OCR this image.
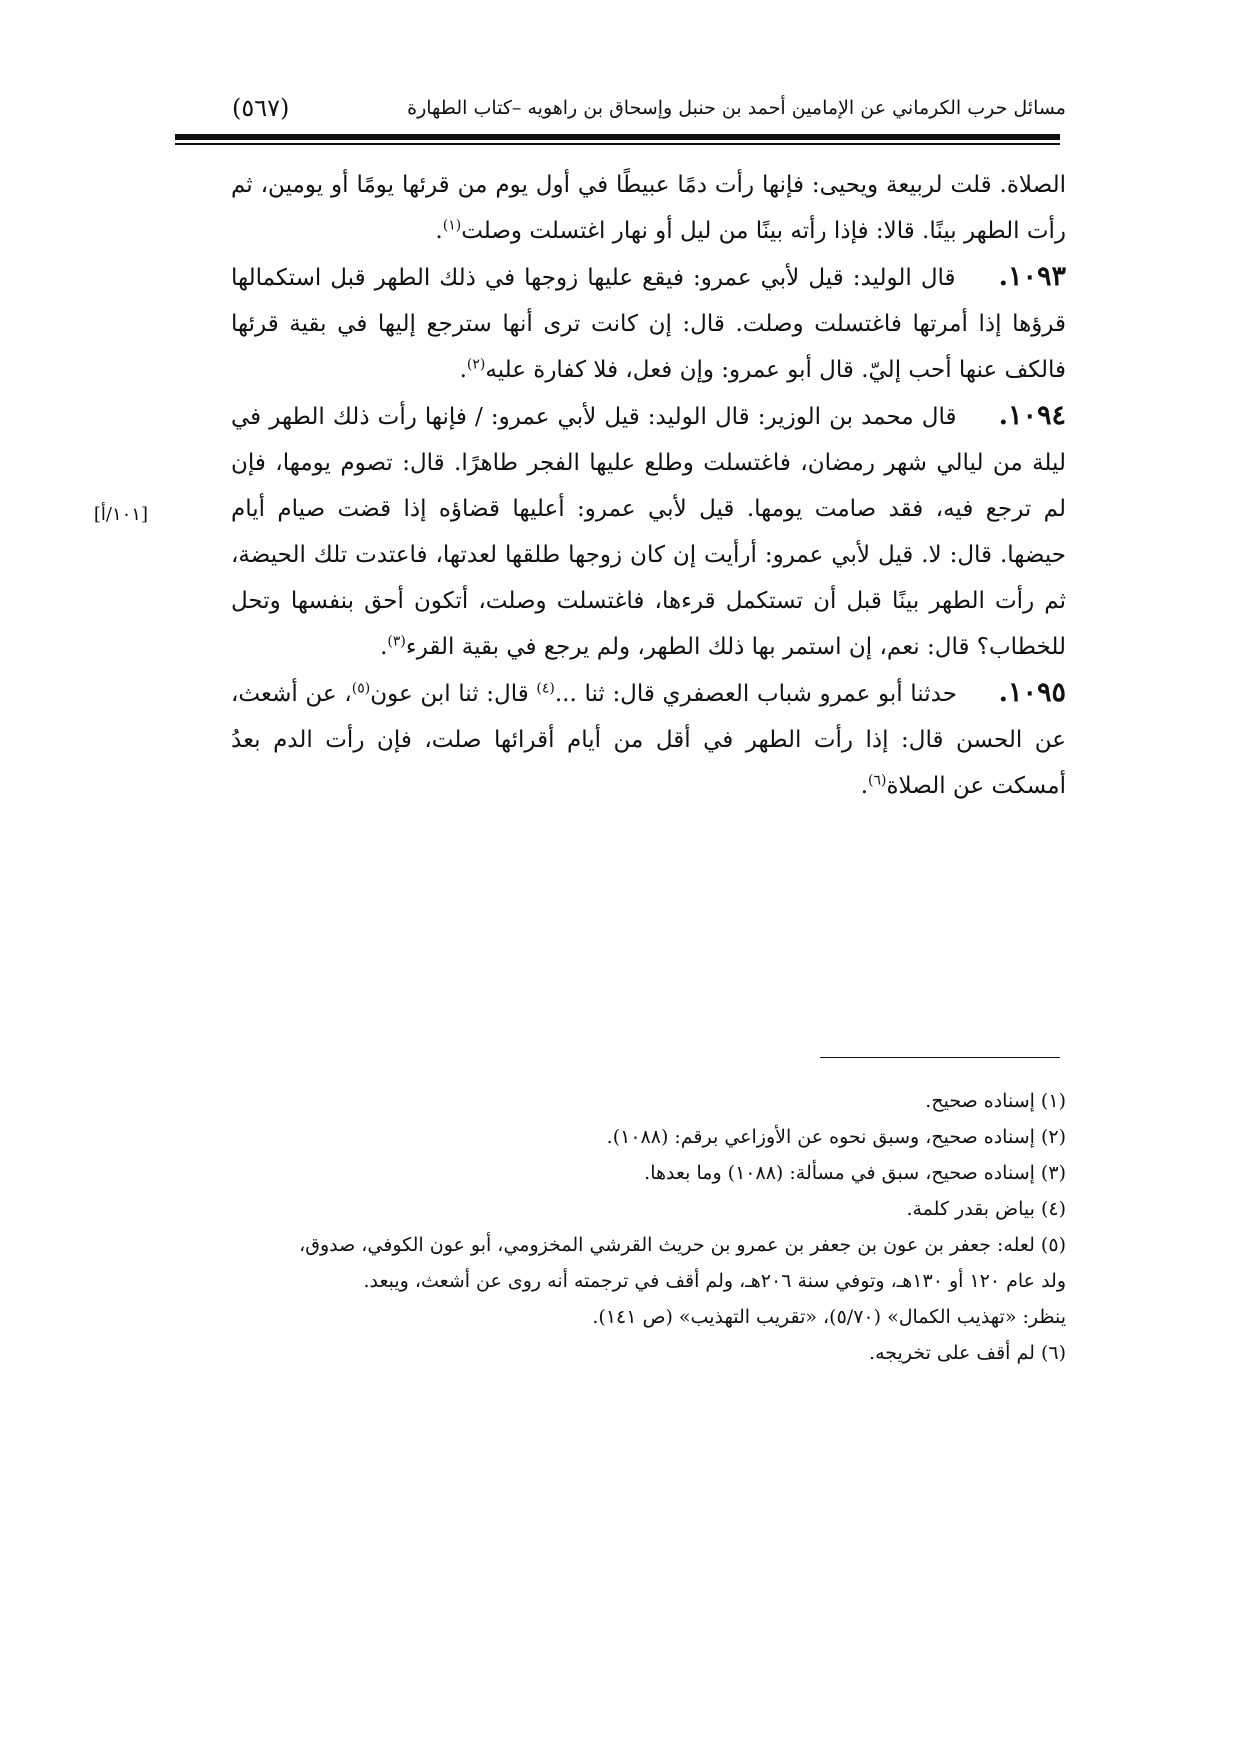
مسائل حرب الكرماني عن الإمامين أحمد بن حنبل وإسحاق بن راهويه –كتاب الطهارة
(٥٦٧)

الصلاة. قلت لربيعة ويحيى: فإنها رأت دمًا عبيطًا في أول يوم من قرئها يومًا أو يومين، ثم رأت الطهر بينًا. قالا: فإذا رأته بينًا من ليل أو نهار اغتسلت وصلت$^{(١)}$.

١٠٩٣. قال الوليد: قيل لأبي عمرو: فيقع عليها زوجها في ذلك الطهر قبل استكمالها قرؤها إذا أمرتها فاغتسلت وصلت. قال: إن كانت ترى أنها سترجع إليها في بقية قرئها فالكف عنها أحب إليّ. قال أبو عمرو: وإن فعل، فلا كفارة عليه$^{(٢)}$.

١٠٩٤. قال محمد بن الوزير: قال الوليد: قيل لأبي عمرو: / فإنها رأت ذلك الطهر في ليلة من ليالي شهر رمضان، فاغتسلت وطلع عليها الفجر طاهرًا. قال: تصوم يومها، فإن لم ترجع فيه، فقد صامت يومها. قيل لأبي عمرو: أعليها قضاؤه إذا قضت صيام أيام حيضها. قال: لا. قيل لأبي عمرو: أرأيت إن كان زوجها طلقها لعدتها، فاعتدت تلك الحيضة، ثم رأت الطهر بينًا قبل أن تستكمل قرءها، فاغتسلت وصلت، أتكون أحق بنفسها وتحل للخطاب؟ قال: نعم، إن استمر بها ذلك الطهر، ولم يرجع في بقية القرء$^{(٣)}$.

١٠٩٥. حدثنا أبو عمرو شباب العصفري قال: ثنا ...$^{(٤)}$ قال: ثنا ابن عون$^{(٥)}$، عن أشعث، عن الحسن قال: إذا رأت الطهر في أقل من أيام أقرائها صلت، فإن رأت الدم بعدُ أمسكت عن الصلاة$^{(٦)}$.

[١٠١/أ]

(١) إسناده صحيح.

(٢) إسناده صحيح، وسبق نحوه عن الأوزاعي برقم: (١٠٨٨).

(٣) إسناده صحيح، سبق في مسألة: (١٠٨٨) وما بعدها.

(٤) بياض بقدر كلمة.

(٥) لعله: جعفر بن عون بن جعفر بن عمرو بن حريث القرشي المخزومي، أبو عون الكوفي، صدوق،
ولد عام ١٢٠ أو ١٣٠هـ، وتوفي سنة ٢٠٦هـ، ولم أقف في ترجمته أنه روى عن أشعث، ويبعد.
ينظر: «تهذيب الكمال» (٥/٧٠)، «تقريب التهذيب» (ص ١٤١).

(٦) لم أقف على تخريجه.
